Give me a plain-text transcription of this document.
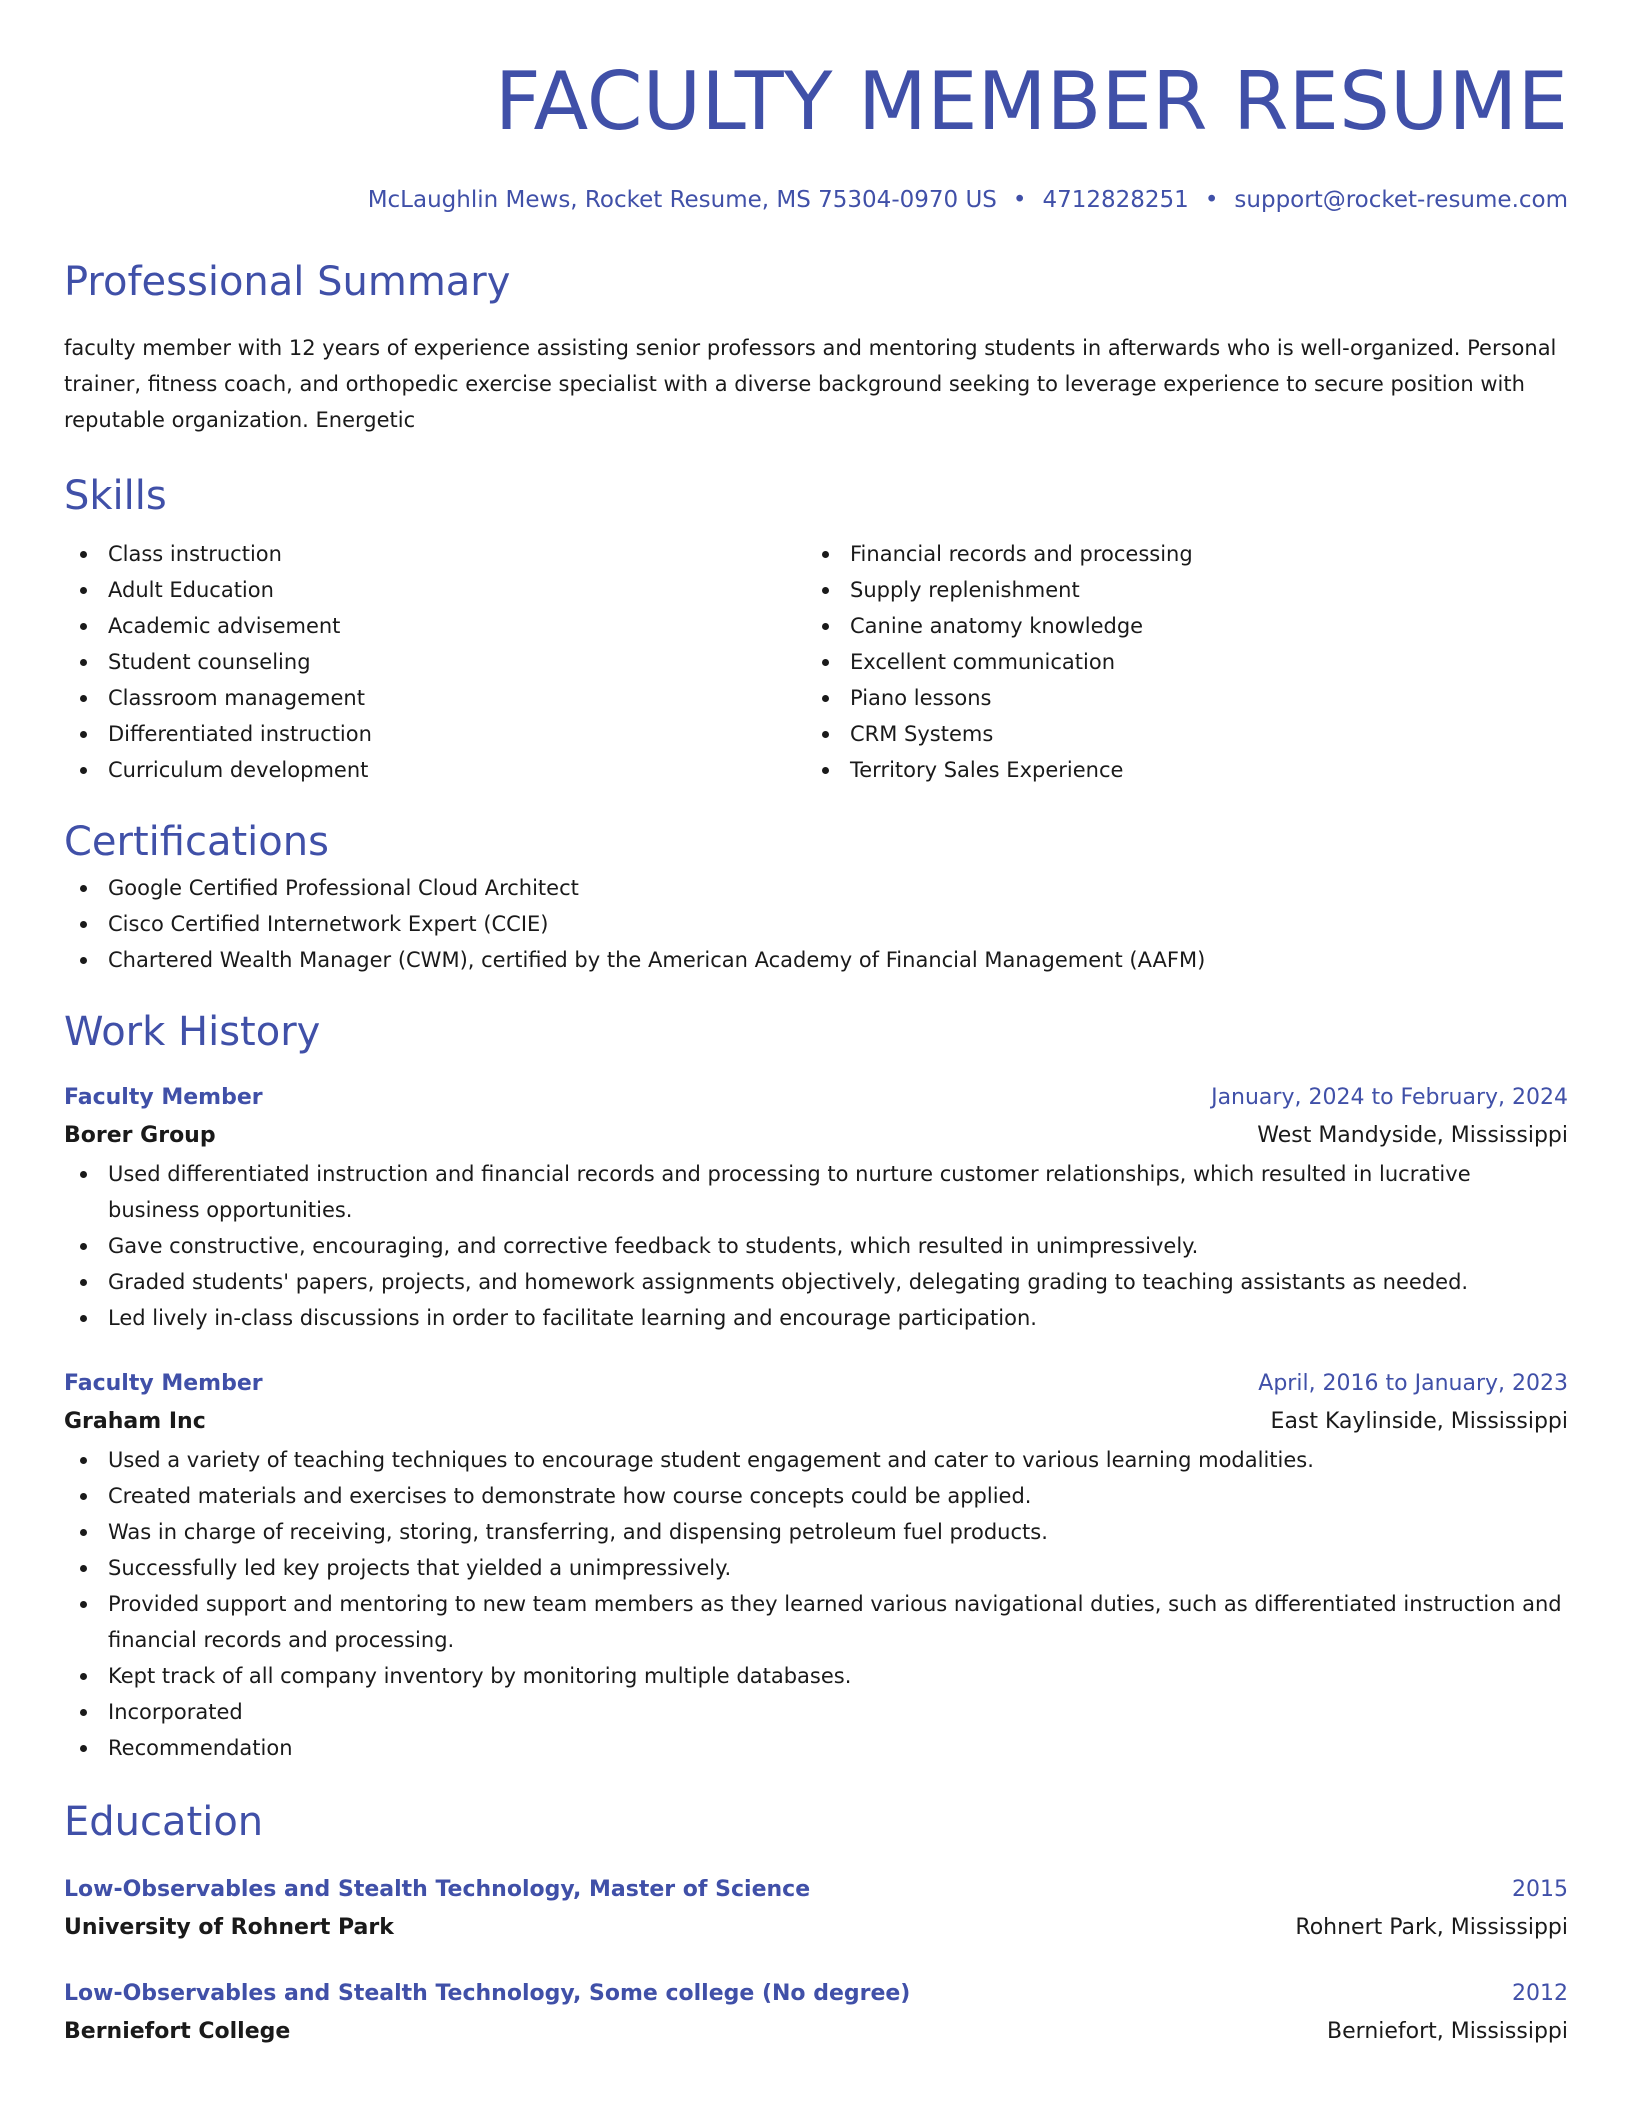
FACULTY MEMBER RESUME
McLaughlin Mews, Rocket Resume, MS 75304-0970 US • 4712828251 • support@rocket-resume.com
Professional Summary
faculty member with 12 years of experience assisting senior professors and mentoring students in afterwards who is well-organized. Personal trainer, fitness coach, and orthopedic exercise specialist with a diverse background seeking to leverage experience to secure position with reputable organization. Energetic
Skills
Class instruction
Adult Education
Academic advisement
Student counseling
Classroom management
Differentiated instruction
Curriculum development
Financial records and processing
Supply replenishment
Canine anatomy knowledge
Excellent communication
Piano lessons
CRM Systems
Territory Sales Experience
Certifications
Google Certified Professional Cloud Architect
Cisco Certified Internetwork Expert (CCIE)
Chartered Wealth Manager (CWM), certified by the American Academy of Financial Management (AAFM)
Work History
Faculty Member	January, 2024 to February, 2024
Borer Group	West Mandyside, Mississippi
Used differentiated instruction and financial records and processing to nurture customer relationships, which resulted in lucrative business opportunities.
Gave constructive, encouraging, and corrective feedback to students, which resulted in unimpressively.
Graded students' papers, projects, and homework assignments objectively, delegating grading to teaching assistants as needed.
Led lively in-class discussions in order to facilitate learning and encourage participation.
Faculty Member	April, 2016 to January, 2023
Graham Inc	East Kaylinside, Mississippi
Used a variety of teaching techniques to encourage student engagement and cater to various learning modalities.
Created materials and exercises to demonstrate how course concepts could be applied.
Was in charge of receiving, storing, transferring, and dispensing petroleum fuel products.
Successfully led key projects that yielded a unimpressively.
Provided support and mentoring to new team members as they learned various navigational duties, such as differentiated instruction and financial records and processing.
Kept track of all company inventory by monitoring multiple databases.
Incorporated
Recommendation
Education
Low-Observables and Stealth Technology, Master of Science	2015
University of Rohnert Park	Rohnert Park, Mississippi
Low-Observables and Stealth Technology, Some college (No degree)	2012
Berniefort College	Berniefort, Mississippi
